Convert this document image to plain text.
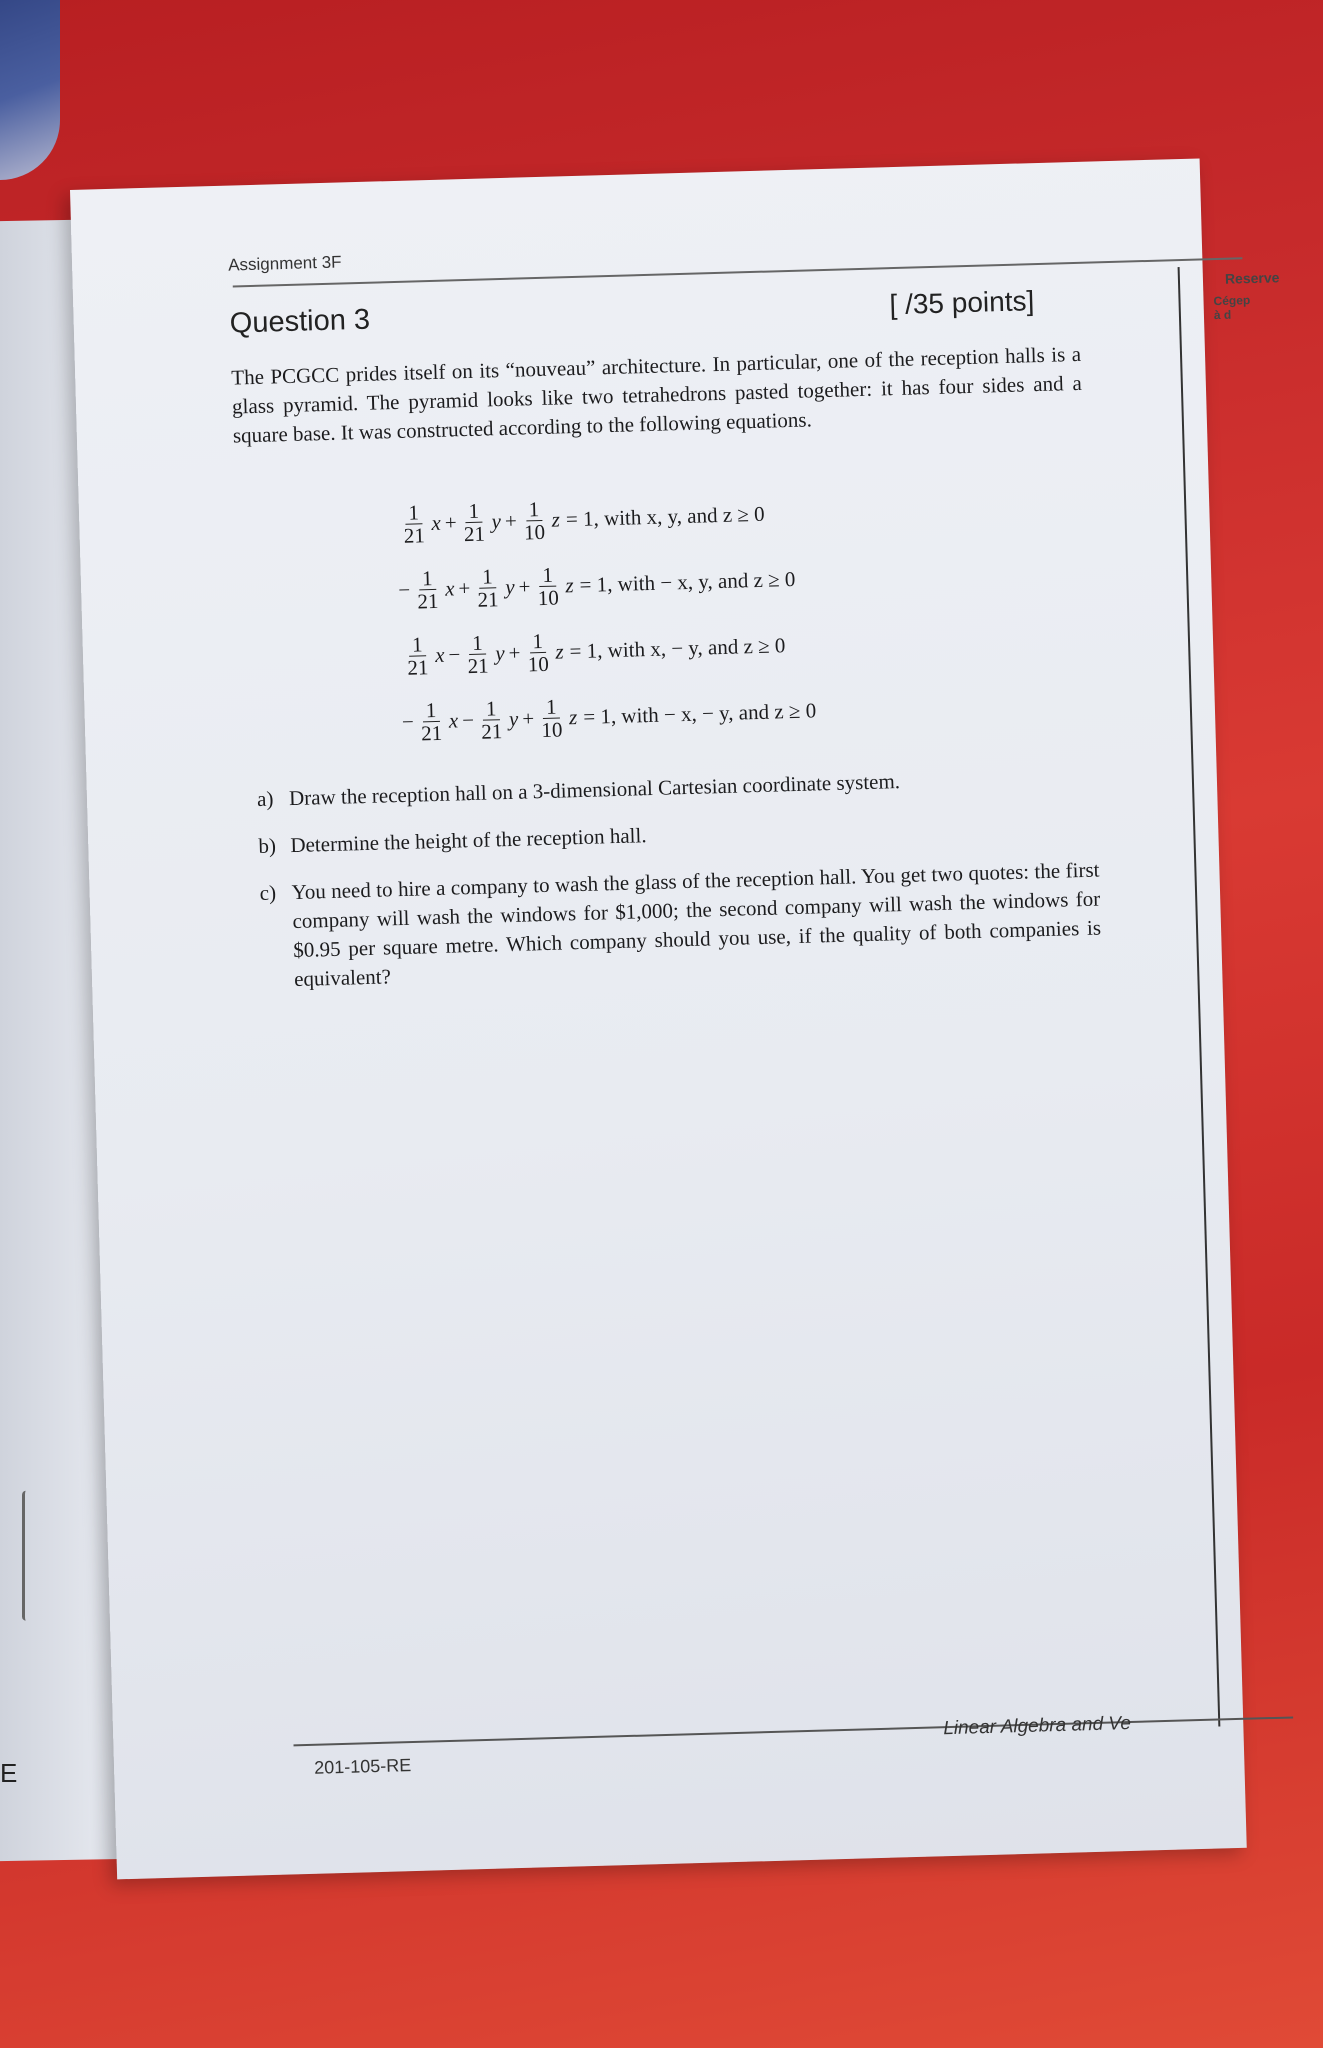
E
Assignment 3F
Question 3
[ /35 points]
Reserve
Cégep à d
The PCGCC prides itself on its “nouveau” architecture. In particular, one of the reception halls is a glass pyramid. The pyramid looks like two tetrahedrons pasted together: it has four sides and a square base. It was constructed according to the following equations.
$\frac{1}{21}$ $x + \frac{1}{21}$ $y + \frac{1}{10}$ z = 1, with x, y, and z ≥ 0
− $\frac{1}{21}$ $x + \frac{1}{21}$ $y + \frac{1}{10}$ z = 1, with − x, y, and z ≥ 0
$\frac{1}{21}$ $x - \frac{1}{21}$ $y + \frac{1}{10}$ z = 1, with x, − y, and z ≥ 0
− $\frac{1}{21}$ $x - \frac{1}{21}$ $y + \frac{1}{10}$ z = 1, with − x, − y, and z ≥ 0
a) Draw the reception hall on a 3-dimensional Cartesian coordinate system.
b) Determine the height of the reception hall.
c) You need to hire a company to wash the glass of the reception hall. You get two quotes: the first company will wash the windows for $1,000; the second company will wash the windows for $0.95 per square metre. Which company should you use, if the quality of both companies is equivalent?
201-105-RE
Linear Algebra and Ve
